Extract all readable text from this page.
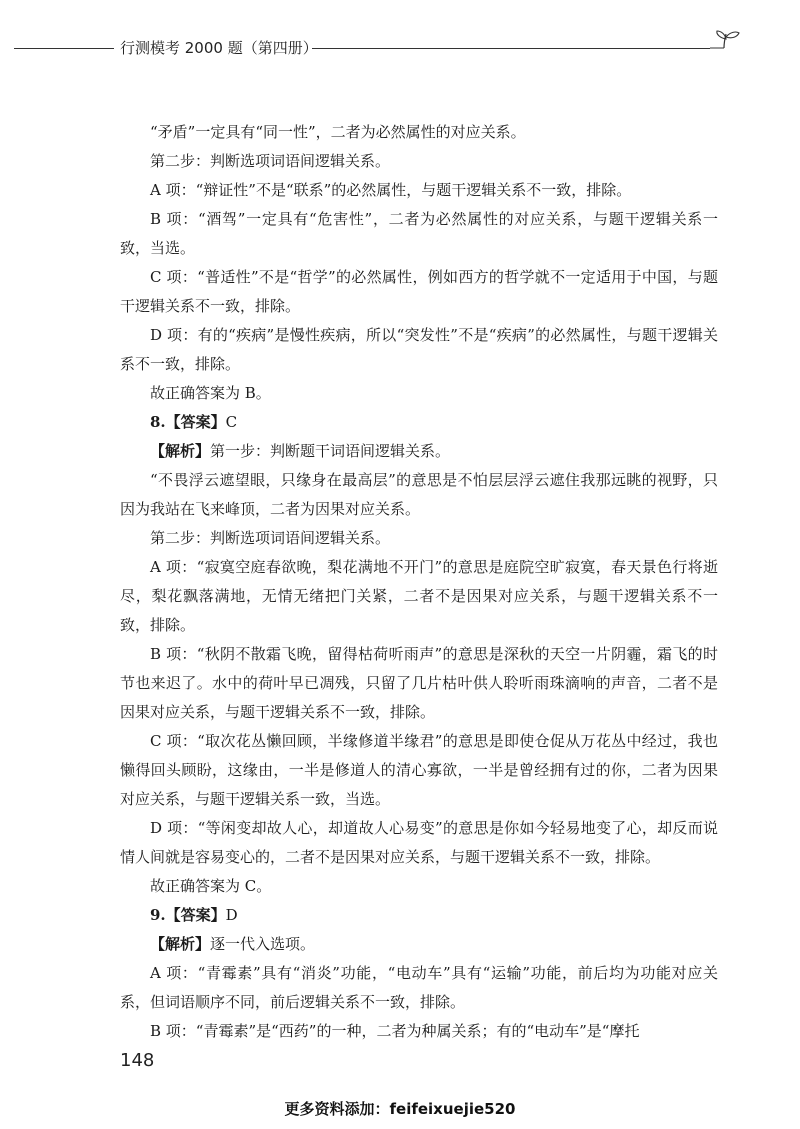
行测模考 2000 题（第四册）

“矛盾”一定具有“同一性”，二者为必然属性的对应关系。

第二步：判断选项词语间逻辑关系。

A 项：“辩证性”不是“联系”的必然属性，与题干逻辑关系不一致，排除。

B 项：“酒驾”一定具有“危害性”，二者为必然属性的对应关系，与题干逻辑关系一致，当选。

C 项：“普适性”不是“哲学”的必然属性，例如西方的哲学就不一定适用于中国，与题干逻辑关系不一致，排除。

D 项：有的“疾病”是慢性疾病，所以“突发性”不是“疾病”的必然属性，与题干逻辑关系不一致，排除。

故正确答案为 B。

8.【答案】C

【解析】第一步：判断题干词语间逻辑关系。

“不畏浮云遮望眼，只缘身在最高层”的意思是不怕层层浮云遮住我那远眺的视野，只因为我站在飞来峰顶，二者为因果对应关系。

第二步：判断选项词语间逻辑关系。

A 项：“寂寞空庭春欲晚，梨花满地不开门”的意思是庭院空旷寂寞，春天景色行将逝尽，梨花飘落满地，无情无绪把门关紧，二者不是因果对应关系，与题干逻辑关系不一致，排除。

B 项：“秋阴不散霜飞晚，留得枯荷听雨声”的意思是深秋的天空一片阴霾，霜飞的时节也来迟了。水中的荷叶早已凋残，只留了几片枯叶供人聆听雨珠滴响的声音，二者不是因果对应关系，与题干逻辑关系不一致，排除。

C 项：“取次花丛懒回顾，半缘修道半缘君”的意思是即使仓促从万花丛中经过，我也懒得回头顾盼，这缘由，一半是修道人的清心寡欲，一半是曾经拥有过的你，二者为因果对应关系，与题干逻辑关系一致，当选。

D 项：“等闲变却故人心，却道故人心易变”的意思是你如今轻易地变了心，却反而说情人间就是容易变心的，二者不是因果对应关系，与题干逻辑关系不一致，排除。

故正确答案为 C。

9.【答案】D

【解析】逐一代入选项。

A 项：“青霉素”具有“消炎”功能，“电动车”具有“运输”功能，前后均为功能对应关系，但词语顺序不同，前后逻辑关系不一致，排除。

B 项：“青霉素”是“西药”的一种，二者为种属关系；有的“电动车”是“摩托

148
更多资料添加：feifeixuejie520
